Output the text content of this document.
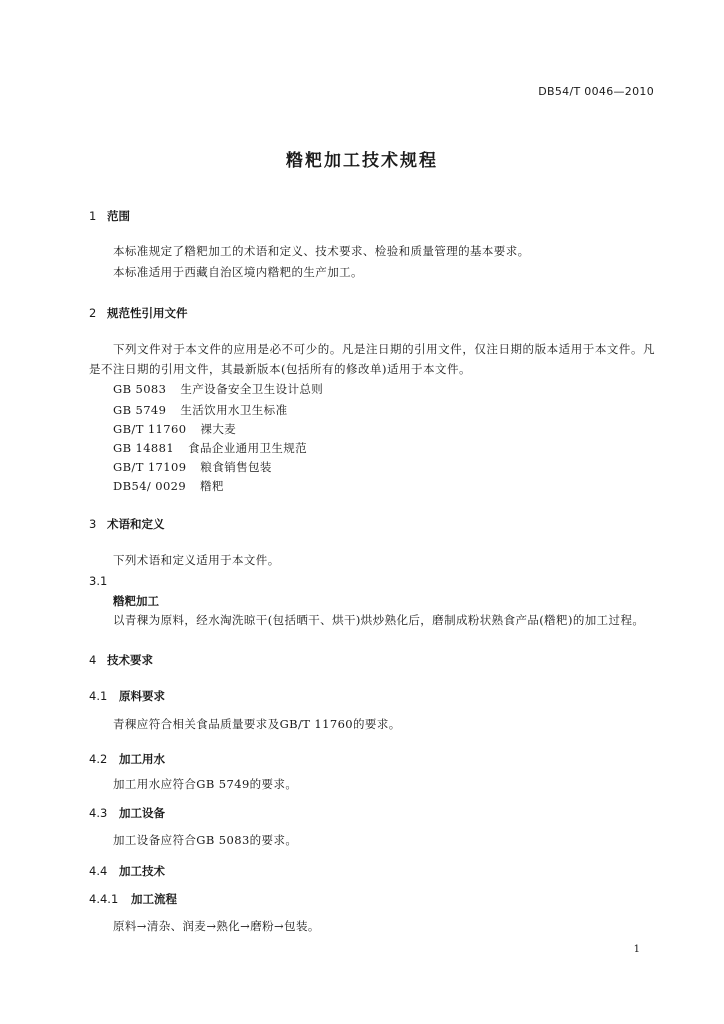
DB54/T 0046—2010
糌粑加工技术规程
1 范围
本标准规定了糌粑加工的术语和定义、技术要求、检验和质量管理的基本要求。
本标准适用于西藏自治区境内糌粑的生产加工。
2 规范性引用文件
下列文件对于本文件的应用是必不可少的。凡是注日期的引用文件，仅注日期的版本适用于本文件。凡是不注日期的引用文件，其最新版本(包括所有的修改单)适用于本文件。
GB 5083 生产设备安全卫生设计总则
GB 5749 生活饮用水卫生标准
GB/T 11760 裸大麦
GB 14881 食品企业通用卫生规范
GB/T 17109 粮食销售包装
DB54/ 0029 糌粑
3 术语和定义
下列术语和定义适用于本文件。
3.1
糌粑加工
以青稞为原料，经水淘洗晾干(包括晒干、烘干)烘炒熟化后，磨制成粉状熟食产品(糌粑)的加工过程。
4 技术要求
4.1 原料要求
青稞应符合相关食品质量要求及GB/T 11760的要求。
4.2 加工用水
加工用水应符合GB 5749的要求。
4.3 加工设备
加工设备应符合GB 5083的要求。
4.4 加工技术
4.4.1 加工流程
原料→清杂、润麦→熟化→磨粉→包装。
1
